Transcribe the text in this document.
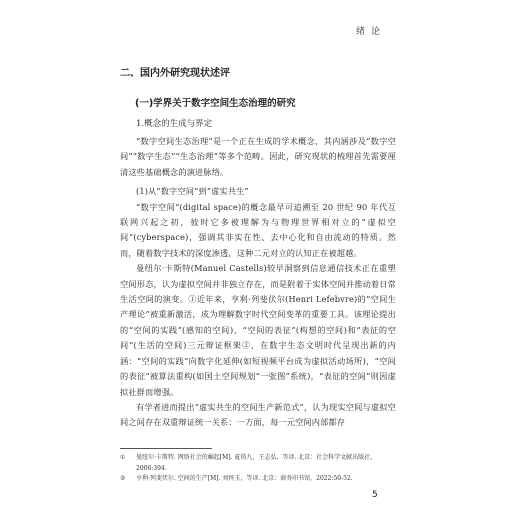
绪论
二、国内外研究现状述评
(一)学界关于数字空间生态治理的研究
1.概念的生成与界定

“数字空间生态治理”是一个正在生成的学术概念，其内涵涉及“数字空间”“数字生态”“生态治理”等多个范畴。因此，研究现状的梳理首先需要厘清这些基础概念的演进脉络。

(1)从“数字空间”到“虚实共生”

“数字空间”(digital space)的概念最早可追溯至 20 世纪 90 年代互联网兴起之初，彼时它多被理解为与物理世界相对立的“虚拟空间”(cyberspace)，强调其非实在性、去中心化和自由流动的特质。然而，随着数字技术的深度渗透，这种二元对立的认知正在被超越。

曼纽尔·卡斯特(Manuel Castells)较早洞察到信息通信技术正在重塑空间形态，认为虚拟空间并非独立存在，而是附着于实体空间并推动着日常生活空间的演变。①近年来，亨利·列斐伏尔(Henri Lefebvre)的“空间生产理论”被重新激活，成为理解数字时代空间变革的重要工具。该理论提出的“空间的实践”(感知的空间)、“空间的表征”(构想的空间)和“表征的空间”(生活的空间)三元辩证框架②，在数字生态文明时代呈现出新的内涵：“空间的实践”向数字化延伸(如短视频平台成为虚拟活动场所)，“空间的表征”被算法重构(如国土空间规划“一张图”系统)，“表征的空间”则因虚拟社群而增强。

有学者进而提出“虚实共生的空间生产新范式”，认为现实空间与虚拟空间之间存在双重辩证统一关系：一方面，每一元空间内部都存

①	曼纽尔·卡斯特. 网络社会的崛起[M]. 夏铸九，王志弘，等译. 北京：社会科学文献出版社，2006:394.
②	亨利·列斐伏尔. 空间的生产[M]. 刘怀玉，等译. 北京：商务印书馆，2022:50-52.
5
